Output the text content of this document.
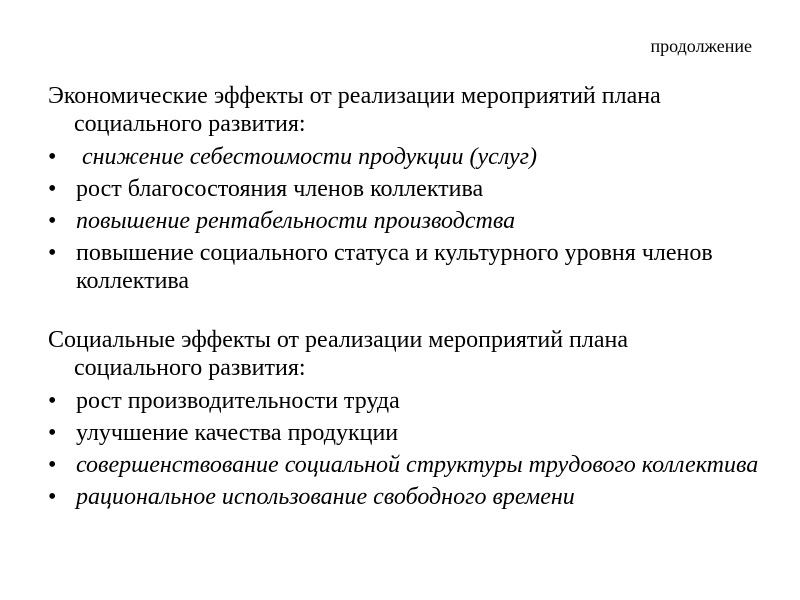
продолжение
Экономические эффекты от реализации мероприятий плана социального развития:
•	снижение себестоимости продукции (услуг)
• рост благосостояния членов коллектива
• повышение рентабельности производства
• повышение социального статуса и культурного уровня членов коллектива
Социальные эффекты от реализации мероприятий плана социального развития:
• рост производительности труда
• улучшение качества продукции
• совершенствование социальной структуры трудового коллектива
• рациональное использование свободного времени
